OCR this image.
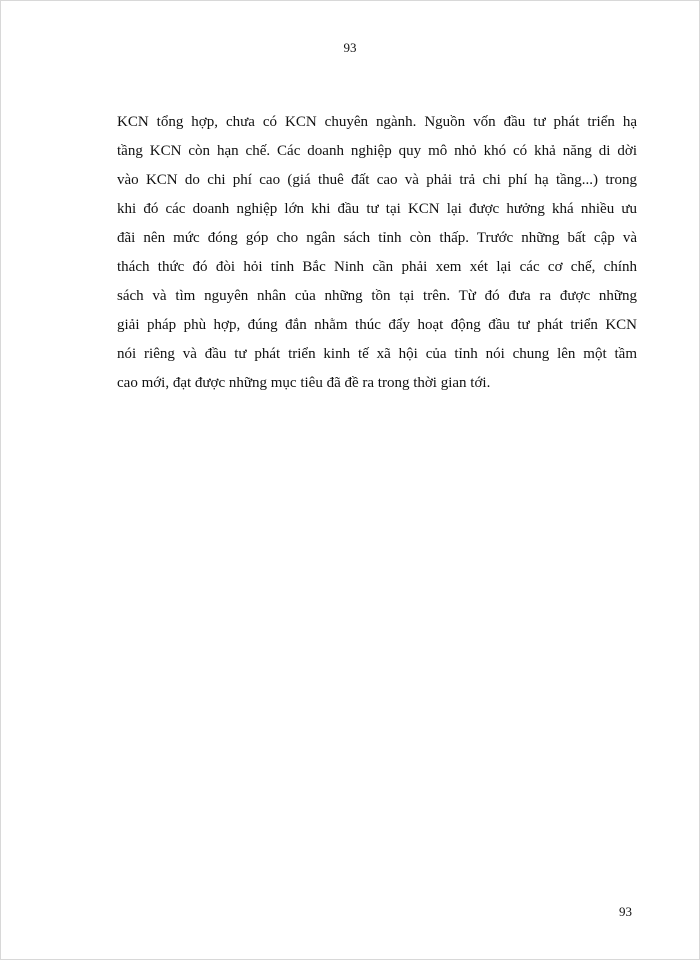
93
KCN tổng hợp, chưa có KCN chuyên ngành. Nguồn vốn đầu tư phát triển hạ
tầng KCN còn hạn chế. Các doanh nghiệp quy mô nhỏ khó có khả năng di dời
vào KCN do chi phí cao (giá thuê đất cao và phải trả chi phí hạ tầng...) trong
khi đó các doanh nghiệp lớn khi đầu tư tại KCN lại được hưởng khá nhiều ưu
đãi nên mức đóng góp cho ngân sách tỉnh còn thấp. Trước những bất cập và
thách thức đó đòi hỏi tỉnh Bắc Ninh cần phải xem xét lại các cơ chế, chính
sách và tìm nguyên nhân của những tồn tại trên. Từ đó đưa ra được những
giải pháp phù hợp, đúng đắn nhằm thúc đẩy hoạt động đầu tư phát triển KCN
nói riêng và đầu tư phát triển kinh tế xã hội của tỉnh nói chung lên một tầm
cao mới, đạt được những mục tiêu đã đề ra trong thời gian tới.
93
